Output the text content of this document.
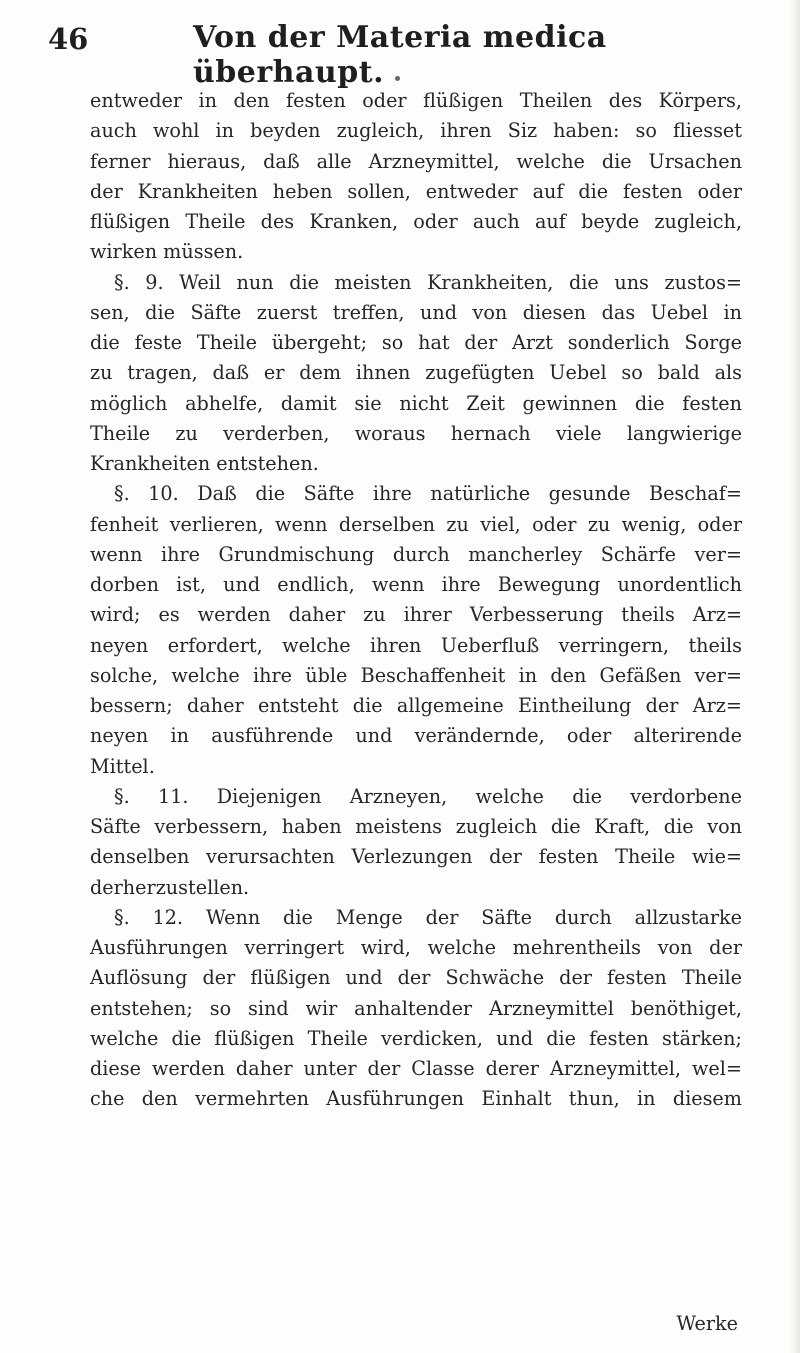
46	Von der Materia medica überhaupt.
entweder in den festen oder flüßigen Theilen des Körpers,
auch wohl in beyden zugleich, ihren Siz haben: so fliesset
ferner hieraus, daß alle Arzneymittel, welche die Ursachen
der Krankheiten heben sollen, entweder auf die festen oder
flüßigen Theile des Kranken, oder auch auf beyde zugleich,
wirken müssen.
§. 9. Weil nun die meisten Krankheiten, die uns zustos=
sen, die Säfte zuerst treffen, und von diesen das Uebel in
die feste Theile übergeht; so hat der Arzt sonderlich Sorge
zu tragen, daß er dem ihnen zugefügten Uebel so bald als
möglich abhelfe, damit sie nicht Zeit gewinnen die festen
Theile zu verderben, woraus hernach viele langwierige
Krankheiten entstehen.
§. 10. Daß die Säfte ihre natürliche gesunde Beschaf=
fenheit verlieren, wenn derselben zu viel, oder zu wenig, oder
wenn ihre Grundmischung durch mancherley Schärfe ver=
dorben ist, und endlich, wenn ihre Bewegung unordentlich
wird; es werden daher zu ihrer Verbesserung theils Arz=
neyen erfordert, welche ihren Ueberfluß verringern, theils
solche, welche ihre üble Beschaffenheit in den Gefäßen ver=
bessern; daher entsteht die allgemeine Eintheilung der Arz=
neyen in ausführende und verändernde, oder alterirende
Mittel.
§. 11. Diejenigen Arzneyen, welche die verdorbene
Säfte verbessern, haben meistens zugleich die Kraft, die von
denselben verursachten Verlezungen der festen Theile wie=
derherzustellen.
§. 12. Wenn die Menge der Säfte durch allzustarke
Ausführungen verringert wird, welche mehrentheils von der
Auflösung der flüßigen und der Schwäche der festen Theile
entstehen; so sind wir anhaltender Arzneymittel benöthiget,
welche die flüßigen Theile verdicken, und die festen stärken;
diese werden daher unter der Classe derer Arzneymittel, wel=
che den vermehrten Ausführungen Einhalt thun, in diesem
Werke
